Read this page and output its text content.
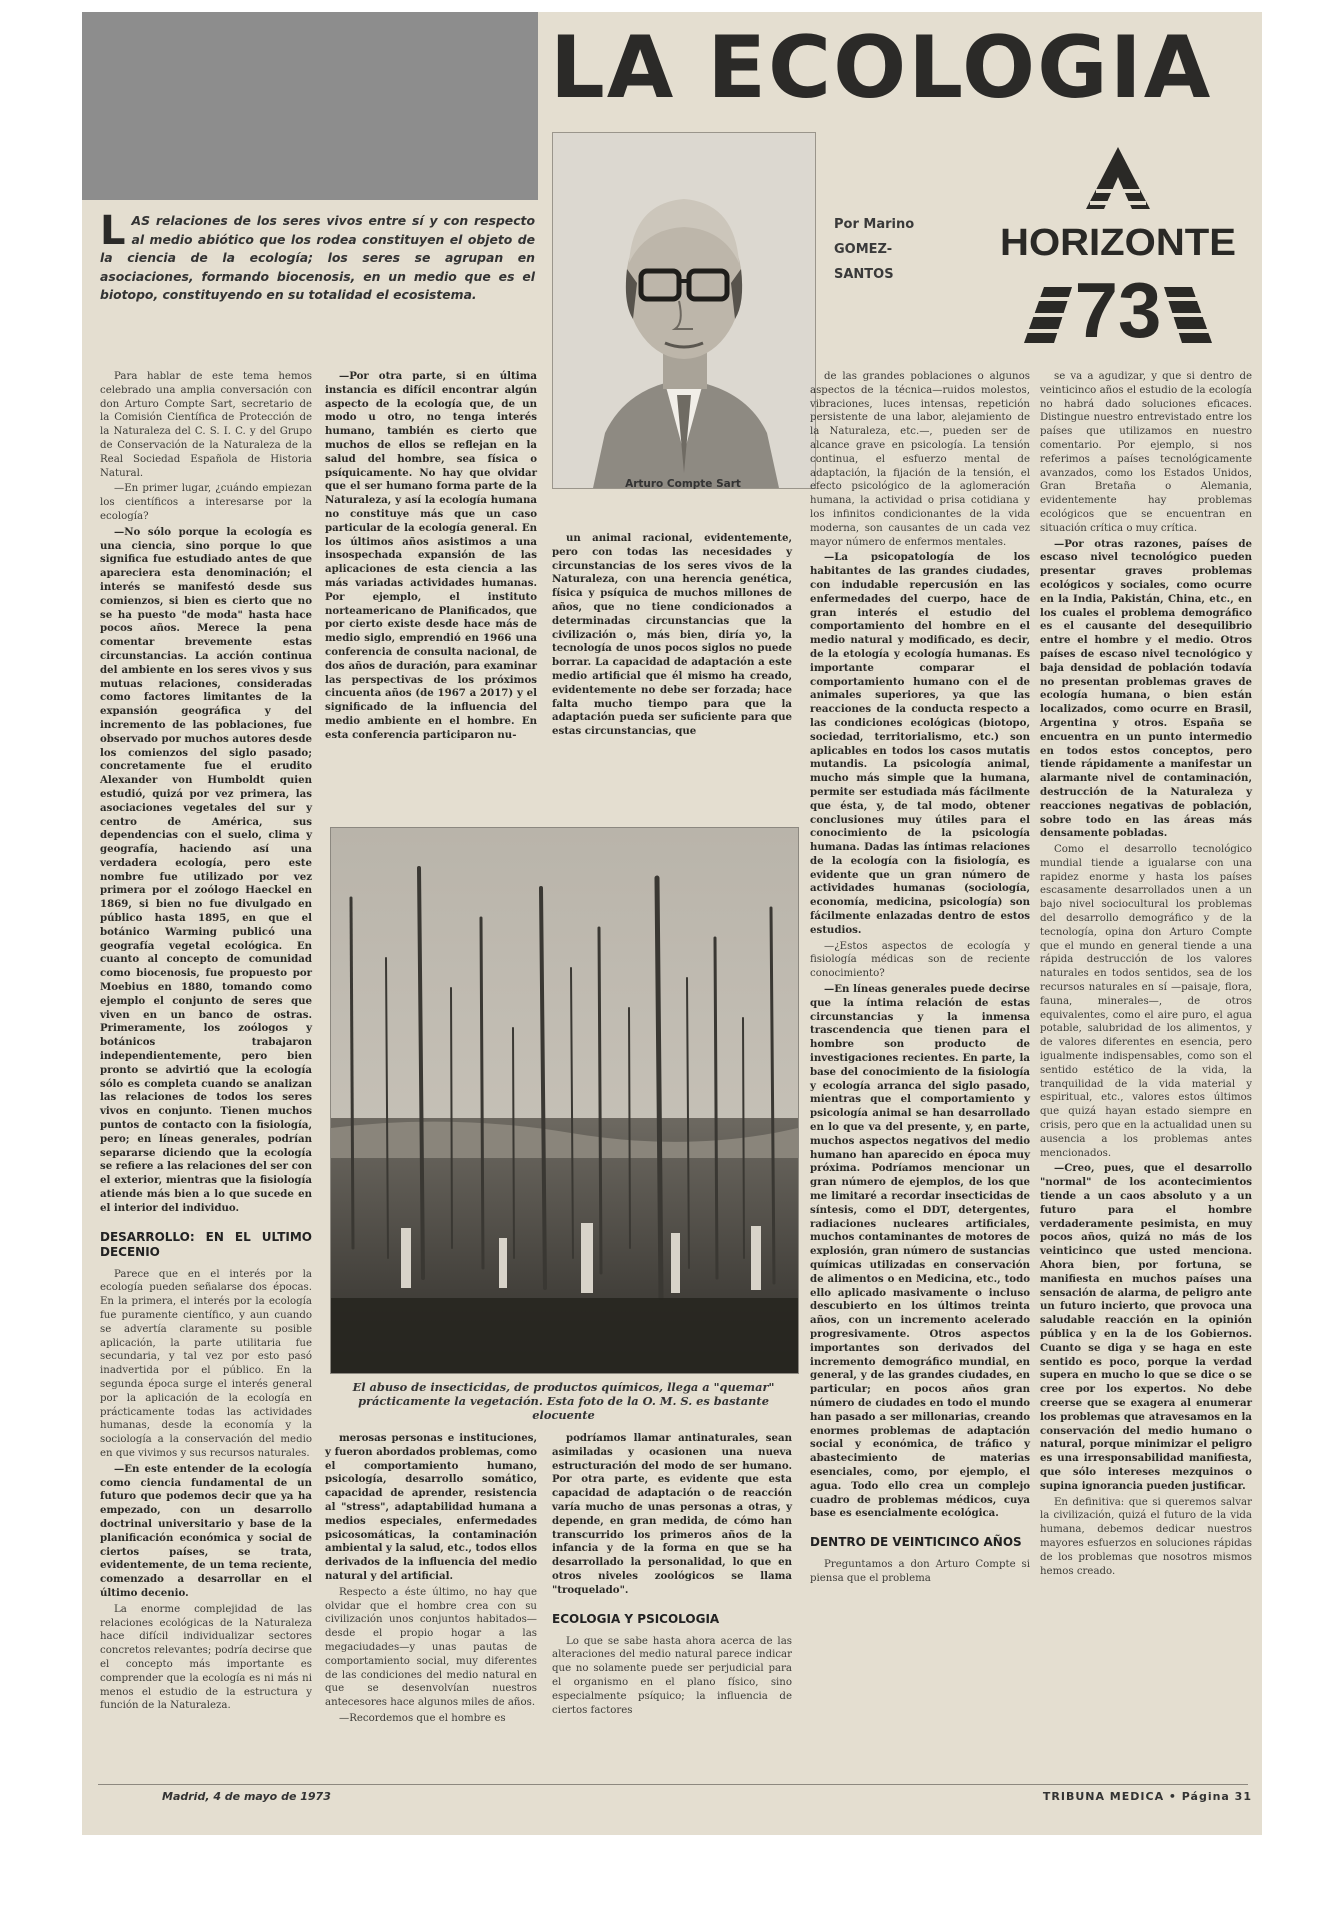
LA ECOLOGIA
LAS relaciones de los seres vivos entre sí y con respecto al medio abiótico que los rodea constituyen el objeto de la ciencia de la ecología; los seres se agrupan en asociaciones, formando biocenosis, en un medio que es el biotopo, constituyendo en su totalidad el ecosistema.
Arturo Compte Sart
Por Marino
GOMEZ-
SANTOS
HORIZONTE
73

Para hablar de este tema hemos celebrado una amplia conversación con don Arturo Compte Sart, secretario de la Comisión Científica de Protección de la Naturaleza del C. S. I. C. y del Grupo de Conservación de la Naturaleza de la Real Sociedad Española de Historia Natural.

—En primer lugar, ¿cuándo empiezan los científicos a interesarse por la ecología?

—No sólo porque la ecología es una ciencia, sino porque lo que significa fue estudiado antes de que apareciera esta denominación; el interés se manifestó desde sus comienzos, si bien es cierto que no se ha puesto "de moda" hasta hace pocos años. Merece la pena comentar brevemente estas circunstancias. La acción continua del ambiente en los seres vivos y sus mutuas relaciones, consideradas como factores limitantes de la expansión geográfica y del incremento de las poblaciones, fue observado por muchos autores desde los comienzos del siglo pasado; concretamente fue el erudito Alexander von Humboldt quien estudió, quizá por vez primera, las asociaciones vegetales del sur y centro de América, sus dependencias con el suelo, clima y geografía, haciendo así una verdadera ecología, pero este nombre fue utilizado por vez primera por el zoólogo Haeckel en 1869, si bien no fue divulgado en público hasta 1895, en que el botánico Warming publicó una geografía vegetal ecológica. En cuanto al concepto de comunidad como biocenosis, fue propuesto por Moebius en 1880, tomando como ejemplo el conjunto de seres que viven en un banco de ostras. Primeramente, los zoólogos y botánicos trabajaron independientemente, pero bien pronto se advirtió que la ecología sólo es completa cuando se analizan las relaciones de todos los seres vivos en conjunto. Tienen muchos puntos de contacto con la fisiología, pero; en líneas generales, podrían separarse diciendo que la ecología se refiere a las relaciones del ser con el exterior, mientras que la fisiología atiende más bien a lo que sucede en el interior del individuo.

DESARROLLO: EN EL ULTIMO DECENIO

Parece que en el interés por la ecología pueden señalarse dos épocas. En la primera, el interés por la ecología fue puramente científico, y aun cuando se advertía claramente su posible aplicación, la parte utilitaria fue secundaria, y tal vez por esto pasó inadvertida por el público. En la segunda época surge el interés general por la aplicación de la ecología en prácticamente todas las actividades humanas, desde la economía y la sociología a la conservación del medio en que vivimos y sus recursos naturales.

—En este entender de la ecología como ciencia fundamental de un futuro que podemos decir que ya ha empezado, con un desarrollo doctrinal universitario y base de la planificación económica y social de ciertos países, se trata, evidentemente, de un tema reciente, comenzado a desarrollar en el último decenio.

La enorme complejidad de las relaciones ecológicas de la Naturaleza hace difícil individualizar sectores concretos relevantes; podría decirse que el concepto más importante es comprender que la ecología es ni más ni menos el estudio de la estructura y función de la Naturaleza.

—Por otra parte, si en última instancia es difícil encontrar algún aspecto de la ecología que, de un modo u otro, no tenga interés humano, también es cierto que muchos de ellos se reflejan en la salud del hombre, sea física o psíquicamente. No hay que olvidar que el ser humano forma parte de la Naturaleza, y así la ecología humana no constituye más que un caso particular de la ecología general. En los últimos años asistimos a una insospechada expansión de las aplicaciones de esta ciencia a las más variadas actividades humanas. Por ejemplo, el instituto norteamericano de Planificados, que por cierto existe desde hace más de medio siglo, emprendió en 1966 una conferencia de consulta nacional, de dos años de duración, para examinar las perspectivas de los próximos cincuenta años (de 1967 a 2017) y el significado de la influencia del medio ambiente en el hombre. En esta conferencia participaron nu-

un animal racional, evidentemente, pero con todas las necesidades y circunstancias de los seres vivos de la Naturaleza, con una herencia genética, física y psíquica de muchos millones de años, que no tiene condicionados a determinadas circunstancias que la civilización o, más bien, diría yo, la tecnología de unos pocos siglos no puede borrar. La capacidad de adaptación a este medio artificial que él mismo ha creado, evidentemente no debe ser forzada; hace falta mucho tiempo para que la adaptación pueda ser suficiente para que estas circunstancias, que

de las grandes poblaciones o algunos aspectos de la técnica—ruidos molestos, vibraciones, luces intensas, repetición persistente de una labor, alejamiento de la Naturaleza, etc.—, pueden ser de alcance grave en psicología. La tensión continua, el esfuerzo mental de adaptación, la fijación de la tensión, el efecto psicológico de la aglomeración humana, la actividad o prisa cotidiana y los infinitos condicionantes de la vida moderna, son causantes de un cada vez mayor número de enfermos mentales.

—La psicopatología de los habitantes de las grandes ciudades, con indudable repercusión en las enfermedades del cuerpo, hace de gran interés el estudio del comportamiento del hombre en el medio natural y modificado, es decir, de la etología y ecología humanas. Es importante comparar el comportamiento humano con el de animales superiores, ya que las reacciones de la conducta respecto a las condiciones ecológicas (biotopo, sociedad, territorialismo, etc.) son aplicables en todos los casos mutatis mutandis. La psicología animal, mucho más simple que la humana, permite ser estudiada más fácilmente que ésta, y, de tal modo, obtener conclusiones muy útiles para el conocimiento de la psicología humana. Dadas las íntimas relaciones de la ecología con la fisiología, es evidente que un gran número de actividades humanas (sociología, economía, medicina, psicología) son fácilmente enlazadas dentro de estos estudios.

—¿Estos aspectos de ecología y fisiología médicas son de reciente conocimiento?

—En líneas generales puede decirse que la íntima relación de estas circunstancias y la inmensa trascendencia que tienen para el hombre son producto de investigaciones recientes. En parte, la base del conocimiento de la fisiología y ecología arranca del siglo pasado, mientras que el comportamiento y psicología animal se han desarrollado en lo que va del presente, y, en parte, muchos aspectos negativos del medio humano han aparecido en época muy próxima. Podríamos mencionar un gran número de ejemplos, de los que me limitaré a recordar insecticidas de síntesis, como el DDT, detergentes, radiaciones nucleares artificiales, muchos contaminantes de motores de explosión, gran número de sustancias químicas utilizadas en conservación de alimentos o en Medicina, etc., todo ello aplicado masivamente o incluso descubierto en los últimos treinta años, con un incremento acelerado progresivamente. Otros aspectos importantes son derivados del incremento demográfico mundial, en general, y de las grandes ciudades, en particular; en pocos años gran número de ciudades en todo el mundo han pasado a ser millonarias, creando enormes problemas de adaptación social y económica, de tráfico y abastecimiento de materias esenciales, como, por ejemplo, el agua. Todo ello crea un complejo cuadro de problemas médicos, cuya base es esencialmente ecológica.

DENTRO DE VEINTICINCO AÑOS

Preguntamos a don Arturo Compte si piensa que el problema

se va a agudizar, y que si dentro de veinticinco años el estudio de la ecología no habrá dado soluciones eficaces. Distingue nuestro entrevistado entre los países que utilizamos en nuestro comentario. Por ejemplo, si nos referimos a países tecnológicamente avanzados, como los Estados Unidos, Gran Bretaña o Alemania, evidentemente hay problemas ecológicos que se encuentran en situación crítica o muy crítica.

—Por otras razones, países de escaso nivel tecnológico pueden presentar graves problemas ecológicos y sociales, como ocurre en la India, Pakistán, China, etc., en los cuales el problema demográfico es el causante del desequilibrio entre el hombre y el medio. Otros países de escaso nivel tecnológico y baja densidad de población todavía no presentan problemas graves de ecología humana, o bien están localizados, como ocurre en Brasil, Argentina y otros. España se encuentra en un punto intermedio en todos estos conceptos, pero tiende rápidamente a manifestar un alarmante nivel de contaminación, destrucción de la Naturaleza y reacciones negativas de población, sobre todo en las áreas más densamente pobladas.

Como el desarrollo tecnológico mundial tiende a igualarse con una rapidez enorme y hasta los países escasamente desarrollados unen a un bajo nivel sociocultural los problemas del desarrollo demográfico y de la tecnología, opina don Arturo Compte que el mundo en general tiende a una rápida destrucción de los valores naturales en todos sentidos, sea de los recursos naturales en sí —paisaje, flora, fauna, minerales—, de otros equivalentes, como el aire puro, el agua potable, salubridad de los alimentos, y de valores diferentes en esencia, pero igualmente indispensables, como son el sentido estético de la vida, la tranquilidad de la vida material y espiritual, etc., valores estos últimos que quizá hayan estado siempre en crisis, pero que en la actualidad unen su ausencia a los problemas antes mencionados.

—Creo, pues, que el desarrollo "normal" de los acontecimientos tiende a un caos absoluto y a un futuro para el hombre verdaderamente pesimista, en muy pocos años, quizá no más de los veinticinco que usted menciona. Ahora bien, por fortuna, se manifiesta en muchos países una sensación de alarma, de peligro ante un futuro incierto, que provoca una saludable reacción en la opinión pública y en la de los Gobiernos. Cuanto se diga y se haga en este sentido es poco, porque la verdad supera en mucho lo que se dice o se cree por los expertos. No debe creerse que se exagera al enumerar los problemas que atravesamos en la conservación del medio humano o natural, porque minimizar el peligro es una irresponsabilidad manifiesta, que sólo intereses mezquinos o supina ignorancia pueden justificar.

En definitiva: que si queremos salvar la civilización, quizá el futuro de la vida humana, debemos dedicar nuestros mayores esfuerzos en soluciones rápidas de los problemas que nosotros mismos hemos creado.

El abuso de insecticidas, de productos químicos, llega a "quemar" prácticamente la vegetación. Esta foto de la O. M. S. es bastante elocuente

merosas personas e instituciones, y fueron abordados problemas, como el comportamiento humano, psicología, desarrollo somático, capacidad de aprender, resistencia al "stress", adaptabilidad humana a medios especiales, enfermedades psicosomáticas, la contaminación ambiental y la salud, etc., todos ellos derivados de la influencia del medio natural y del artificial.

Respecto a éste último, no hay que olvidar que el hombre crea con su civilización unos conjuntos habitados—desde el propio hogar a las megaciudades—y unas pautas de comportamiento social, muy diferentes de las condiciones del medio natural en que se desenvolvían nuestros antecesores hace algunos miles de años.

—Recordemos que el hombre es

podríamos llamar antinaturales, sean asimiladas y ocasionen una nueva estructuración del modo de ser humano. Por otra parte, es evidente que esta capacidad de adaptación o de reacción varía mucho de unas personas a otras, y depende, en gran medida, de cómo han transcurrido los primeros años de la infancia y de la forma en que se ha desarrollado la personalidad, lo que en otros niveles zoológicos se llama "troquelado".

ECOLOGIA Y PSICOLOGIA

Lo que se sabe hasta ahora acerca de las alteraciones del medio natural parece indicar que no solamente puede ser perjudicial para el organismo en el plano físico, sino especialmente psíquico; la influencia de ciertos factores

Madrid, 4 de mayo de 1973	TRIBUNA MEDICA • Página 31
